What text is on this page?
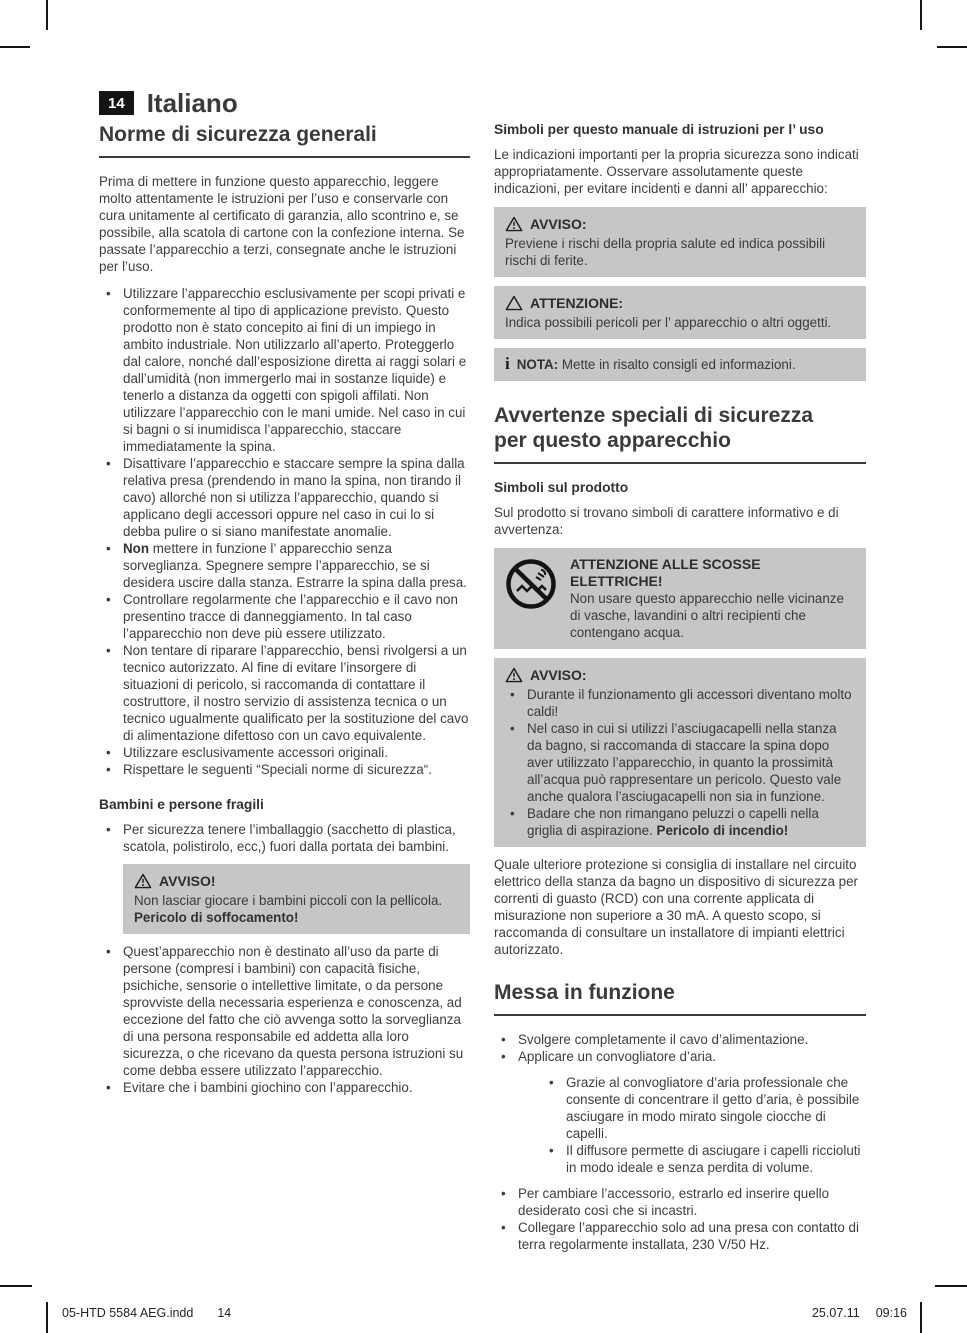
14 Italiano
Norme di sicurezza generali

Prima di mettere in funzione questo apparecchio, leggere molto attentamente le istruzioni per l’uso e conservarle con cura unitamente al certificato di garanzia, allo scontrino e, se possibile, alla scatola di cartone con la confezione interna. Se passate l’apparecchio a terzi, consegnate anche le istruzioni per l’uso.

• Utilizzare l’apparecchio esclusivamente per scopi privati e conformemente al tipo di applicazione previsto. Questo prodotto non è stato concepito ai fini di un impiego in ambito industriale. Non utilizzarlo all’aperto. Proteggerlo dal calore, nonché dall’esposizione diretta ai raggi solari e dall’umidità (non immergerlo mai in sostanze liquide) e tenerlo a distanza da oggetti con spigoli affilati. Non utilizzare l’apparecchio con le mani umide. Nel caso in cui si bagni o si inumidisca l’apparecchio, staccare immediatamente la spina.
• Disattivare l’apparecchio e staccare sempre la spina dalla relativa presa (prendendo in mano la spina, non tirando il cavo) allorché non si utilizza l’apparecchio, quando si applicano degli accessori oppure nel caso in cui lo si debba pulire o si siano manifestate anomalie.
• Non mettere in funzione l’ apparecchio senza sorveglianza. Spegnere sempre l’apparecchio, se si desidera uscire dalla stanza. Estrarre la spina dalla presa.
• Controllare regolarmente che l’apparecchio e il cavo non presentino tracce di danneggiamento. In tal caso l’apparecchio non deve più essere utilizzato.
• Non tentare di riparare l’apparecchio, bensì rivolgersi a un tecnico autorizzato. Al fine di evitare l’insorgere di situazioni di pericolo, si raccomanda di contattare il costruttore, il nostro servizio di assistenza tecnica o un tecnico ugualmente qualificato per la sostituzione del cavo di alimentazione difettoso con un cavo equivalente.
• Utilizzare esclusivamente accessori originali.
• Rispettare le seguenti “Speciali norme di sicurezza“.
Bambini e persone fragili
• Per sicurezza tenere l’imballaggio (sacchetto di plastica, scatola, polistirolo, ecc,) fuori dalla portata dei bambini.
AVVISO!
Non lasciar giocare i bambini piccoli con la pellicola.
Pericolo di soffocamento!
• Quest’apparecchio non è destinato all’uso da parte di persone (compresi i bambini) con capacità fisiche, psichiche, sensorie o intellettive limitate, o da persone sprovviste della necessaria esperienza e conoscenza, ad eccezione del fatto che ciò avvenga sotto la sorveglianza di una persona responsabile ed addetta alla loro sicurezza, o che ricevano da questa persona istruzioni su come debba essere utilizzato l’apparecchio.
• Evitare che i bambini giochino con l’apparecchio.
Simboli per questo manuale di istruzioni per l’ uso

Le indicazioni importanti per la propria sicurezza sono indicati appropriatamente. Osservare assolutamente queste indicazioni, per evitare incidenti e danni all’ apparecchio:

AVVISO:
Previene i rischi della propria salute ed indica possibili rischi di ferite.
ATTENZIONE:
Indica possibili pericoli per l’ apparecchio o altri oggetti.
i NOTA: Mette in risalto consigli ed informazioni.
Avvertenze speciali di sicurezza
per questo apparecchio
Simboli sul prodotto

Sul prodotto si trovano simboli di carattere informativo e di avvertenza:

ATTENZIONE ALLE SCOSSE ELETTRICHE!
Non usare questo apparecchio nelle vicinanze di vasche, lavandini o altri recipienti che contengano acqua.
AVVISO:
• Durante il funzionamento gli accessori diventano molto caldi!
• Nel caso in cui si utilizzi l’asciugacapelli nella stanza da bagno, si raccomanda di staccare la spina dopo aver utilizzato l’apparecchio, in quanto la prossimità all’acqua può rappresentare un pericolo. Questo vale anche qualora l’asciugacapelli non sia in funzione.
• Badare che non rimangano peluzzi o capelli nella griglia di aspirazione. Pericolo di incendio!

Quale ulteriore protezione si consiglia di installare nel circuito elettrico della stanza da bagno un dispositivo di sicurezza per correnti di guasto (RCD) con una corrente applicata di misurazione non superiore a 30 mA. A questo scopo, si raccomanda di consultare un installatore di impianti elettrici autorizzato.

Messa in funzione
• Svolgere completamente il cavo d’alimentazione.
• Applicare un convogliatore d’aria.
• Grazie al convogliatore d’aria professionale che consente di concentrare il getto d’aria, è possibile asciugare in modo mirato singole ciocche di capelli.
• Il diffusore permette di asciugare i capelli riccioluti in modo ideale e senza perdita di volume.
• Per cambiare l’accessorio, estrarlo ed inserire quello desiderato così che si incastri.
• Collegare l’apparecchio solo ad una presa con contatto di terra regolarmente installata, 230 V/50 Hz.
05-HTD 5584 AEG.indd 14	25.07.11 09:16
